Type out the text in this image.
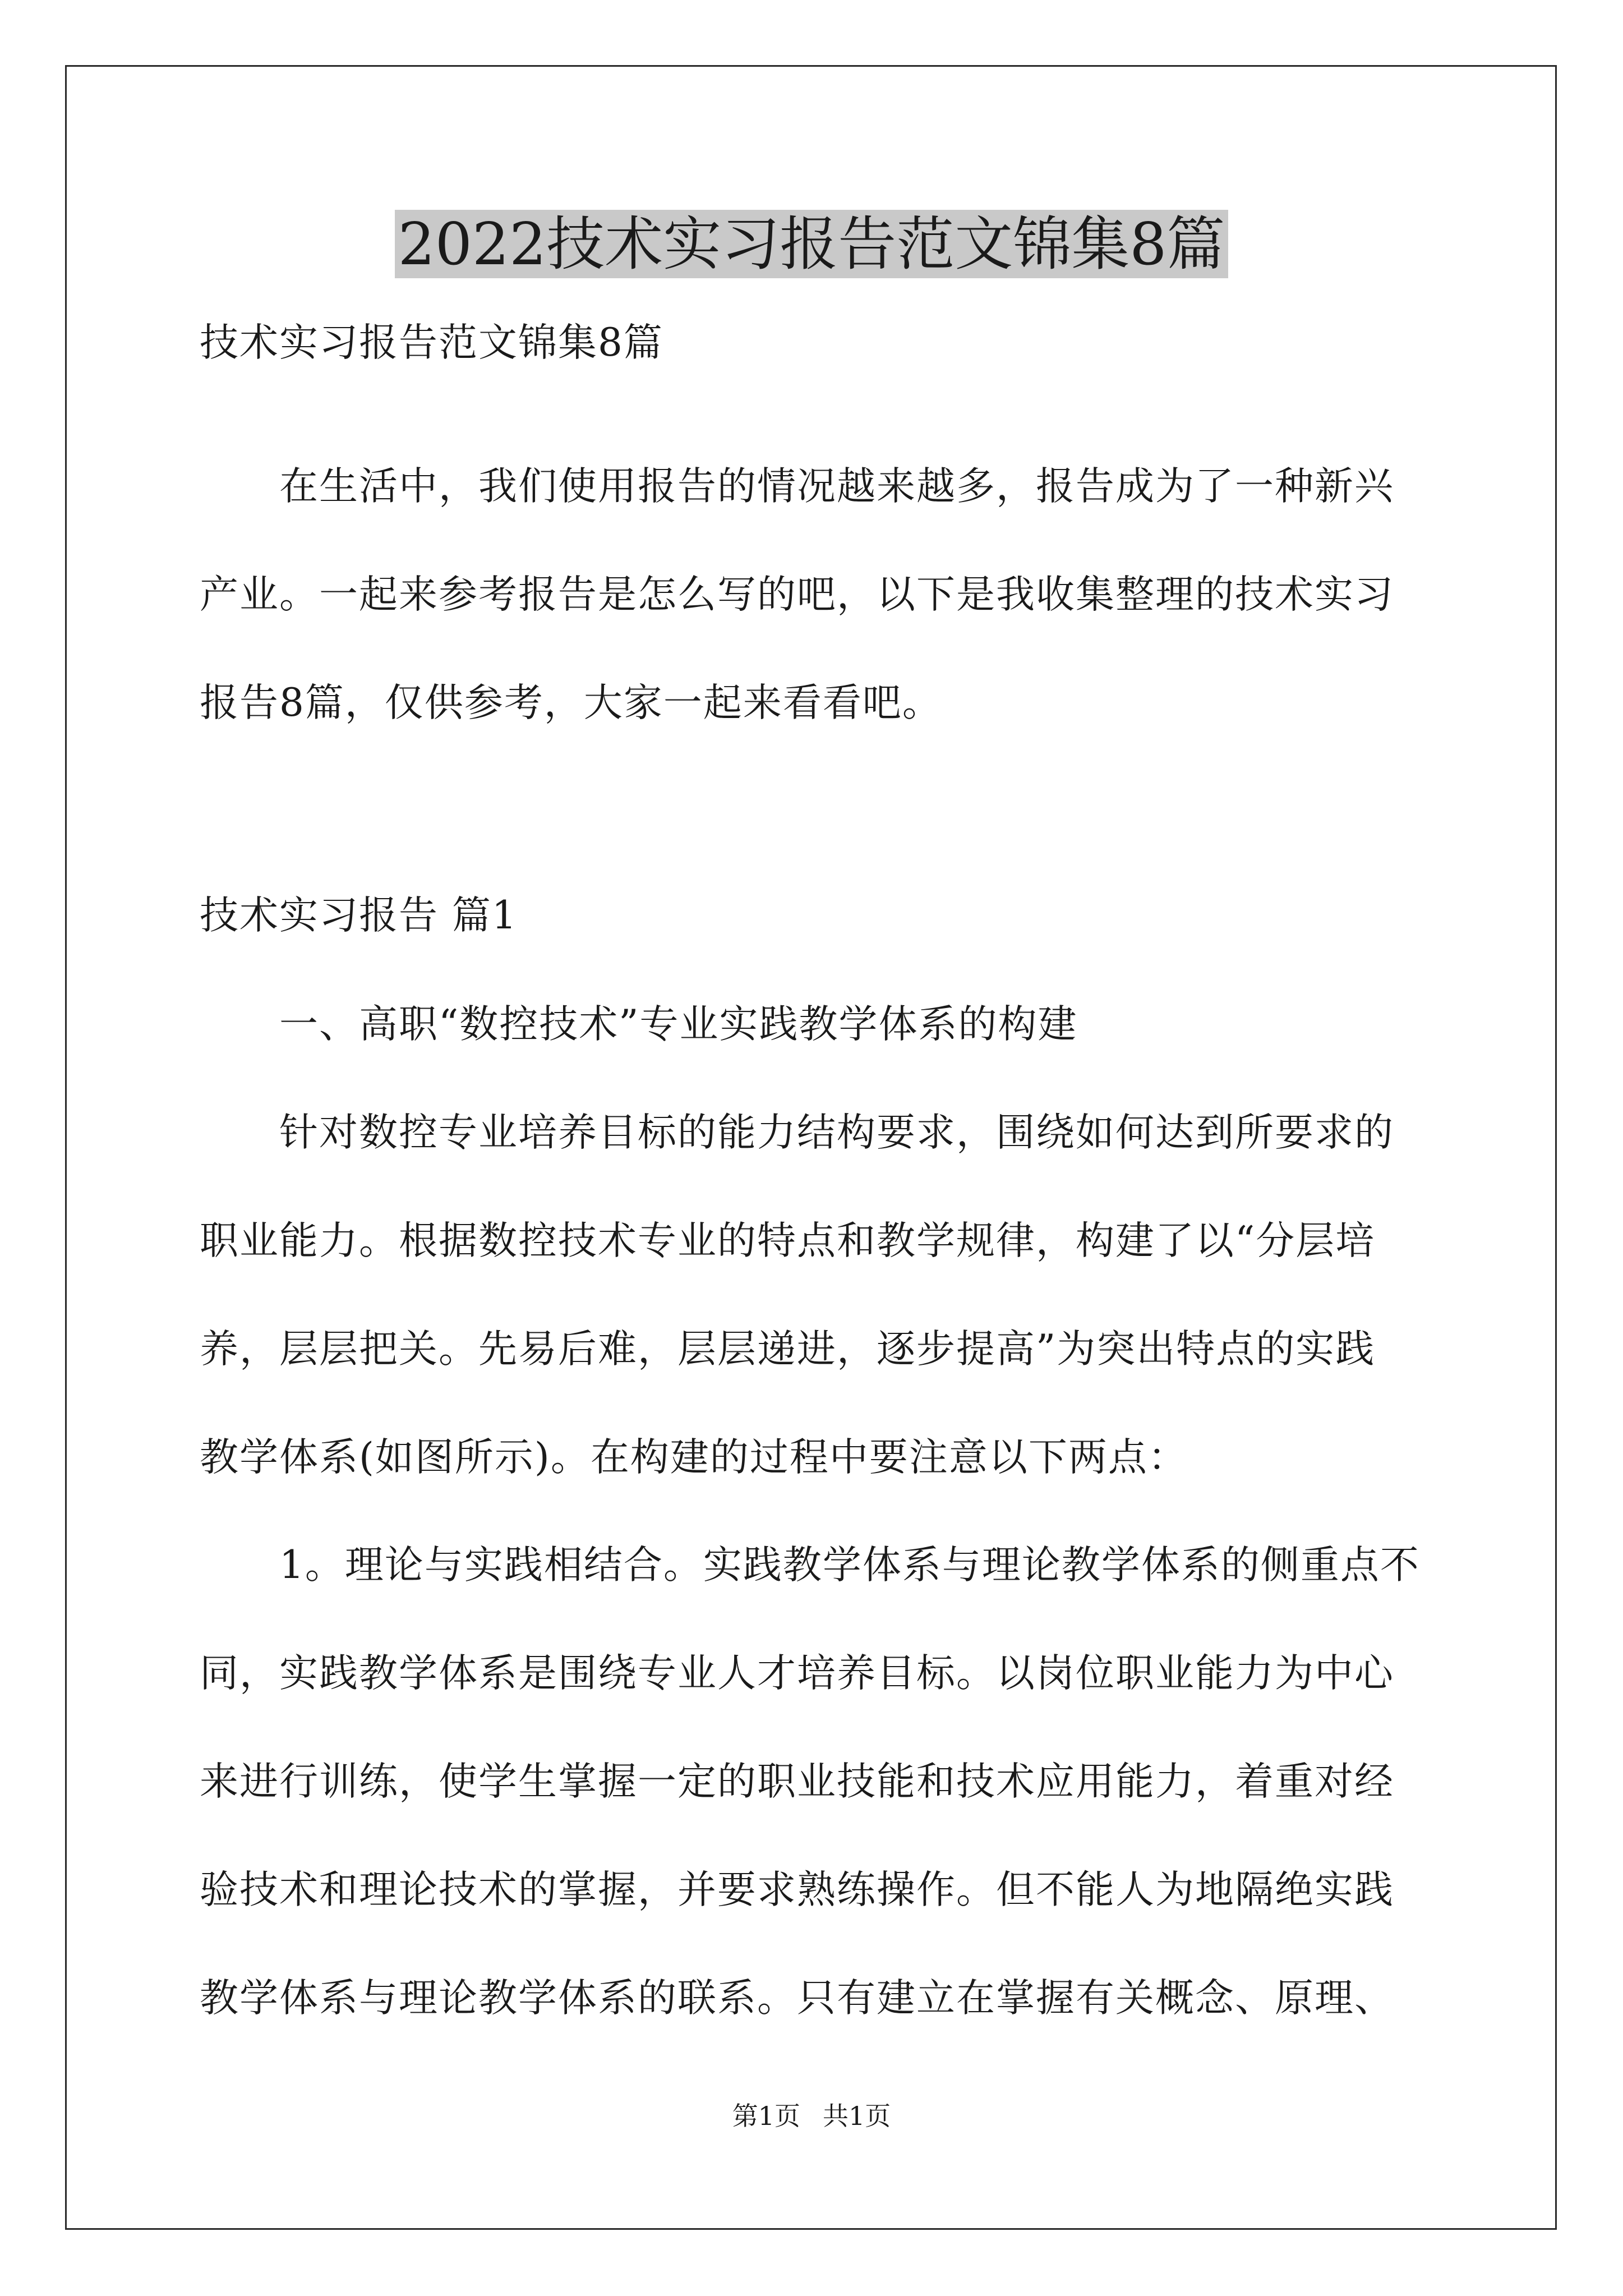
2022技术实习报告范文锦集8篇

技术实习报告范文锦集8篇

在生活中，我们使用报告的情况越来越多，报告成为了一种新兴

产业。一起来参考报告是怎么写的吧，以下是我收集整理的技术实习

报告8篇，仅供参考，大家一起来看看吧。

技术实习报告 篇1

一、高职“数控技术”专业实践教学体系的构建

针对数控专业培养目标的能力结构要求，围绕如何达到所要求的

职业能力。根据数控技术专业的特点和教学规律，构建了以“分层培

养，层层把关。先易后难，层层递进，逐步提高”为突出特点的实践

教学体系(如图所示)。在构建的过程中要注意以下两点：

1。理论与实践相结合。实践教学体系与理论教学体系的侧重点不

同，实践教学体系是围绕专业人才培养目标。以岗位职业能力为中心

来进行训练，使学生掌握一定的职业技能和技术应用能力，着重对经

验技术和理论技术的掌握，并要求熟练操作。但不能人为地隔绝实践

教学体系与理论教学体系的联系。只有建立在掌握有关概念、原理、

第1页 共1页
